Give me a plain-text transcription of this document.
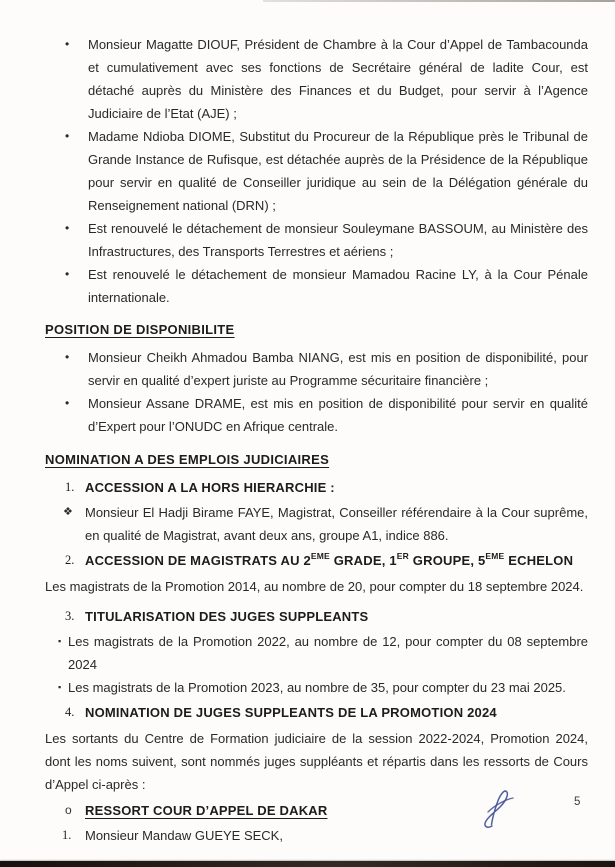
•	Monsieur Magatte DIOUF, Président de Chambre à la Cour d’Appel de Tambacounda et cumulativement avec ses fonctions de Secrétaire général de ladite Cour, est détaché auprès du Ministère des Finances et du Budget, pour servir à l’Agence Judiciaire de l’Etat (AJE) ;
•	Madame Ndioba DIOME, Substitut du Procureur de la République près le Tribunal de Grande Instance de Rufisque, est détachée auprès de la Présidence de la République pour servir en qualité de Conseiller juridique au sein de la Délégation générale du Renseignement national (DRN) ;
•	Est renouvelé le détachement de monsieur Souleymane BASSOUM, au Ministère des Infrastructures, des Transports Terrestres et aériens ;
•	Est renouvelé le détachement de monsieur Mamadou Racine LY, à la Cour Pénale internationale.
POSITION DE DISPONIBILITE
•	Monsieur Cheikh Ahmadou Bamba NIANG, est mis en position de disponibilité, pour servir en qualité d’expert juriste au Programme sécuritaire financière ;
•	Monsieur Assane DRAME, est mis en position de disponibilité pour servir en qualité d’Expert pour l’ONUDC en Afrique centrale.
NOMINATION A DES EMPLOIS JUDICIAIRES
1. ACCESSION A LA HORS HIERARCHIE :
❖ Monsieur El Hadji Birame FAYE, Magistrat, Conseiller référendaire à la Cour suprême, en qualité de Magistrat, avant deux ans, groupe A1, indice 886.
2. ACCESSION DE MAGISTRATS AU 2EME GRADE, 1ER GROUPE, 5EME ECHELON
Les magistrats de la Promotion 2014, au nombre de 20, pour compter du 18 septembre 2024.
3. TITULARISATION DES JUGES SUPPLEANTS
▪ Les magistrats de la Promotion 2022, au nombre de 12, pour compter du 08 septembre 2024
▪ Les magistrats de la Promotion 2023, au nombre de 35, pour compter du 23 mai 2025.
4. NOMINATION DE JUGES SUPPLEANTS DE LA PROMOTION 2024
Les sortants du Centre de Formation judiciaire de la session 2022-2024, Promotion 2024, dont les noms suivent, sont nommés juges suppléants et répartis dans les ressorts de Cours d’Appel ci-après :
o	RESSORT COUR D’APPEL DE DAKAR
1.	Monsieur Mandaw GUEYE SECK,
5
